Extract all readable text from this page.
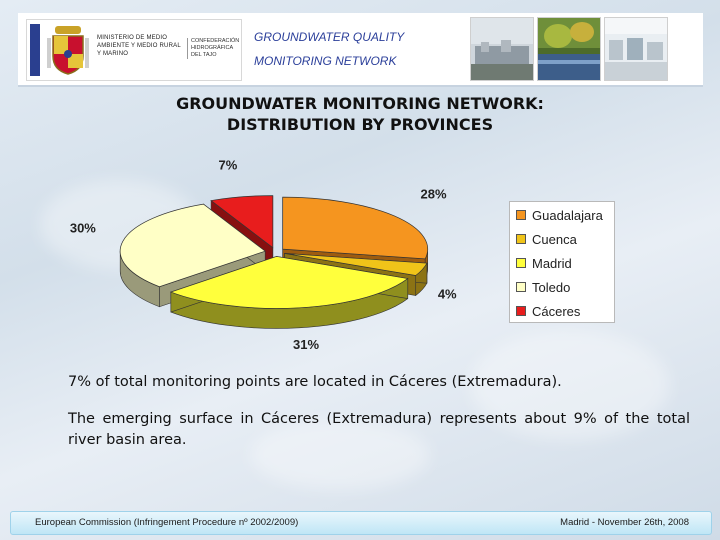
MINISTERIO DE MEDIO AMBIENTE Y MEDIO RURAL Y MARINO
CONFEDERACIÓN HIDROGRÁFICA DEL TAJO
GROUNDWATER QUALITY
MONITORING NETWORK
GROUNDWATER MONITORING NETWORK:
DISTRIBUTION BY PROVINCES
28%
4%
31%
30%
7%
Guadalajara
Cuenca
Madrid
Toledo
Cáceres
7% of total monitoring points are located in Cáceres (Extremadura).
The emerging surface in Cáceres (Extremadura) represents about 9% of the total river basin area.
European Commission (Infringement Procedure nº 2002/2009)	Madrid - November 26th, 2008
